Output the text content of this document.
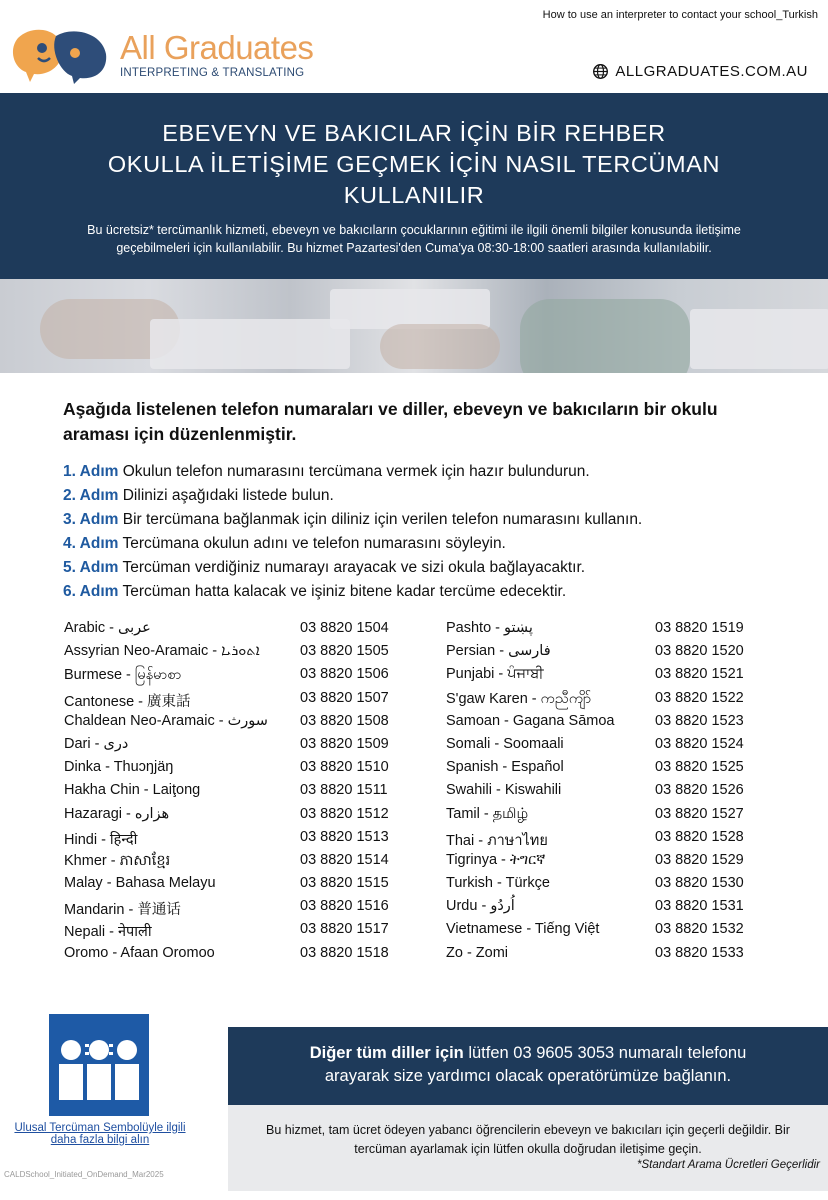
How to use an interpreter to contact your school_Turkish
All Graduates
INTERPRETING & TRANSLATING	ALLGRADUATES.COM.AU
EBEVEYN VE BAKICILAR İÇİN BİR REHBER
OKULLA İLETİŞİME GEÇMEK İÇİN NASIL TERCÜMAN
KULLANILIR

Bu ücretsiz* tercümanlık hizmeti, ebeveyn ve bakıcıların çocuklarının eğitimi ile ilgili önemli bilgiler konusunda iletişime geçebilmeleri için kullanılabilir. Bu hizmet Pazartesi'den Cuma'ya 08:30-18:00 saatleri arasında kullanılabilir.

Aşağıda listelenen telefon numaraları ve diller, ebeveyn ve bakıcıların bir okulu araması için düzenlenmiştir.
1. Adım Okulun telefon numarasını tercümana vermek için hazır bulundurun.
2. Adım Dilinizi aşağıdaki listede bulun.
3. Adım Bir tercümana bağlanmak için diliniz için verilen telefon numarasını kullanın.
4. Adım Tercümana okulun adını ve telefon numarasını söyleyin.
5. Adım Tercüman verdiğiniz numarayı arayacak ve sizi okula bağlayacaktır.
6. Adım Tercüman hatta kalacak ve işiniz bitene kadar tercüme edecektir.
Arabic - عربى	03 8820 1504
Assyrian Neo-Aramaic - ܐܬܘܪܝܐ	03 8820 1505
Burmese - မြန်မာစာ	03 8820 1506
Cantonese - 廣東話	03 8820 1507
Chaldean Neo-Aramaic - سورث	03 8820 1508
Dari - دری	03 8820 1509
Dinka - Thuɔŋjäŋ	03 8820 1510
Hakha Chin - Laiţong	03 8820 1511
Hazaragi - هزاره	03 8820 1512
Hindi - हिन्दी	03 8820 1513
Khmer - ភាសាខ្មែរ	03 8820 1514
Malay - Bahasa Melayu	03 8820 1515
Mandarin - 普通话	03 8820 1516
Nepali - नेपाली	03 8820 1517
Oromo - Afaan Oromoo	03 8820 1518
Pashto - پښتو	03 8820 1519
Persian - فارسی	03 8820 1520
Punjabi - ਪੰਜਾਬੀ	03 8820 1521
S'gaw Karen - ကညီကျိာ်	03 8820 1522
Samoan - Gagana Sāmoa	03 8820 1523
Somali - Soomaali	03 8820 1524
Spanish - Español	03 8820 1525
Swahili - Kiswahili	03 8820 1526
Tamil - தமிழ்	03 8820 1527
Thai - ภาษาไทย	03 8820 1528
Tigrinya - ትግርኛ	03 8820 1529
Turkish - Türkçe	03 8820 1530
Urdu - اُردُو	03 8820 1531
Vietnamese - Tiếng Việt	03 8820 1532
Zo - Zomi	03 8820 1533
Ulusal Tercüman Sembolüyle ilgili daha fazla bilgi alın
CALDSchool_Initiated_OnDemand_Mar2025
Diğer tüm diller için lütfen 03 9605 3053 numaralı telefonu
arayarak size yardımcı olacak operatörümüze bağlanın.
Bu hizmet, tam ücret ödeyen yabancı öğrencilerin ebeveyn ve bakıcıları için geçerli değildir. Bir tercüman ayarlamak için lütfen okulla doğrudan iletişime geçin.
*Standart Arama Ücretleri Geçerlidir
